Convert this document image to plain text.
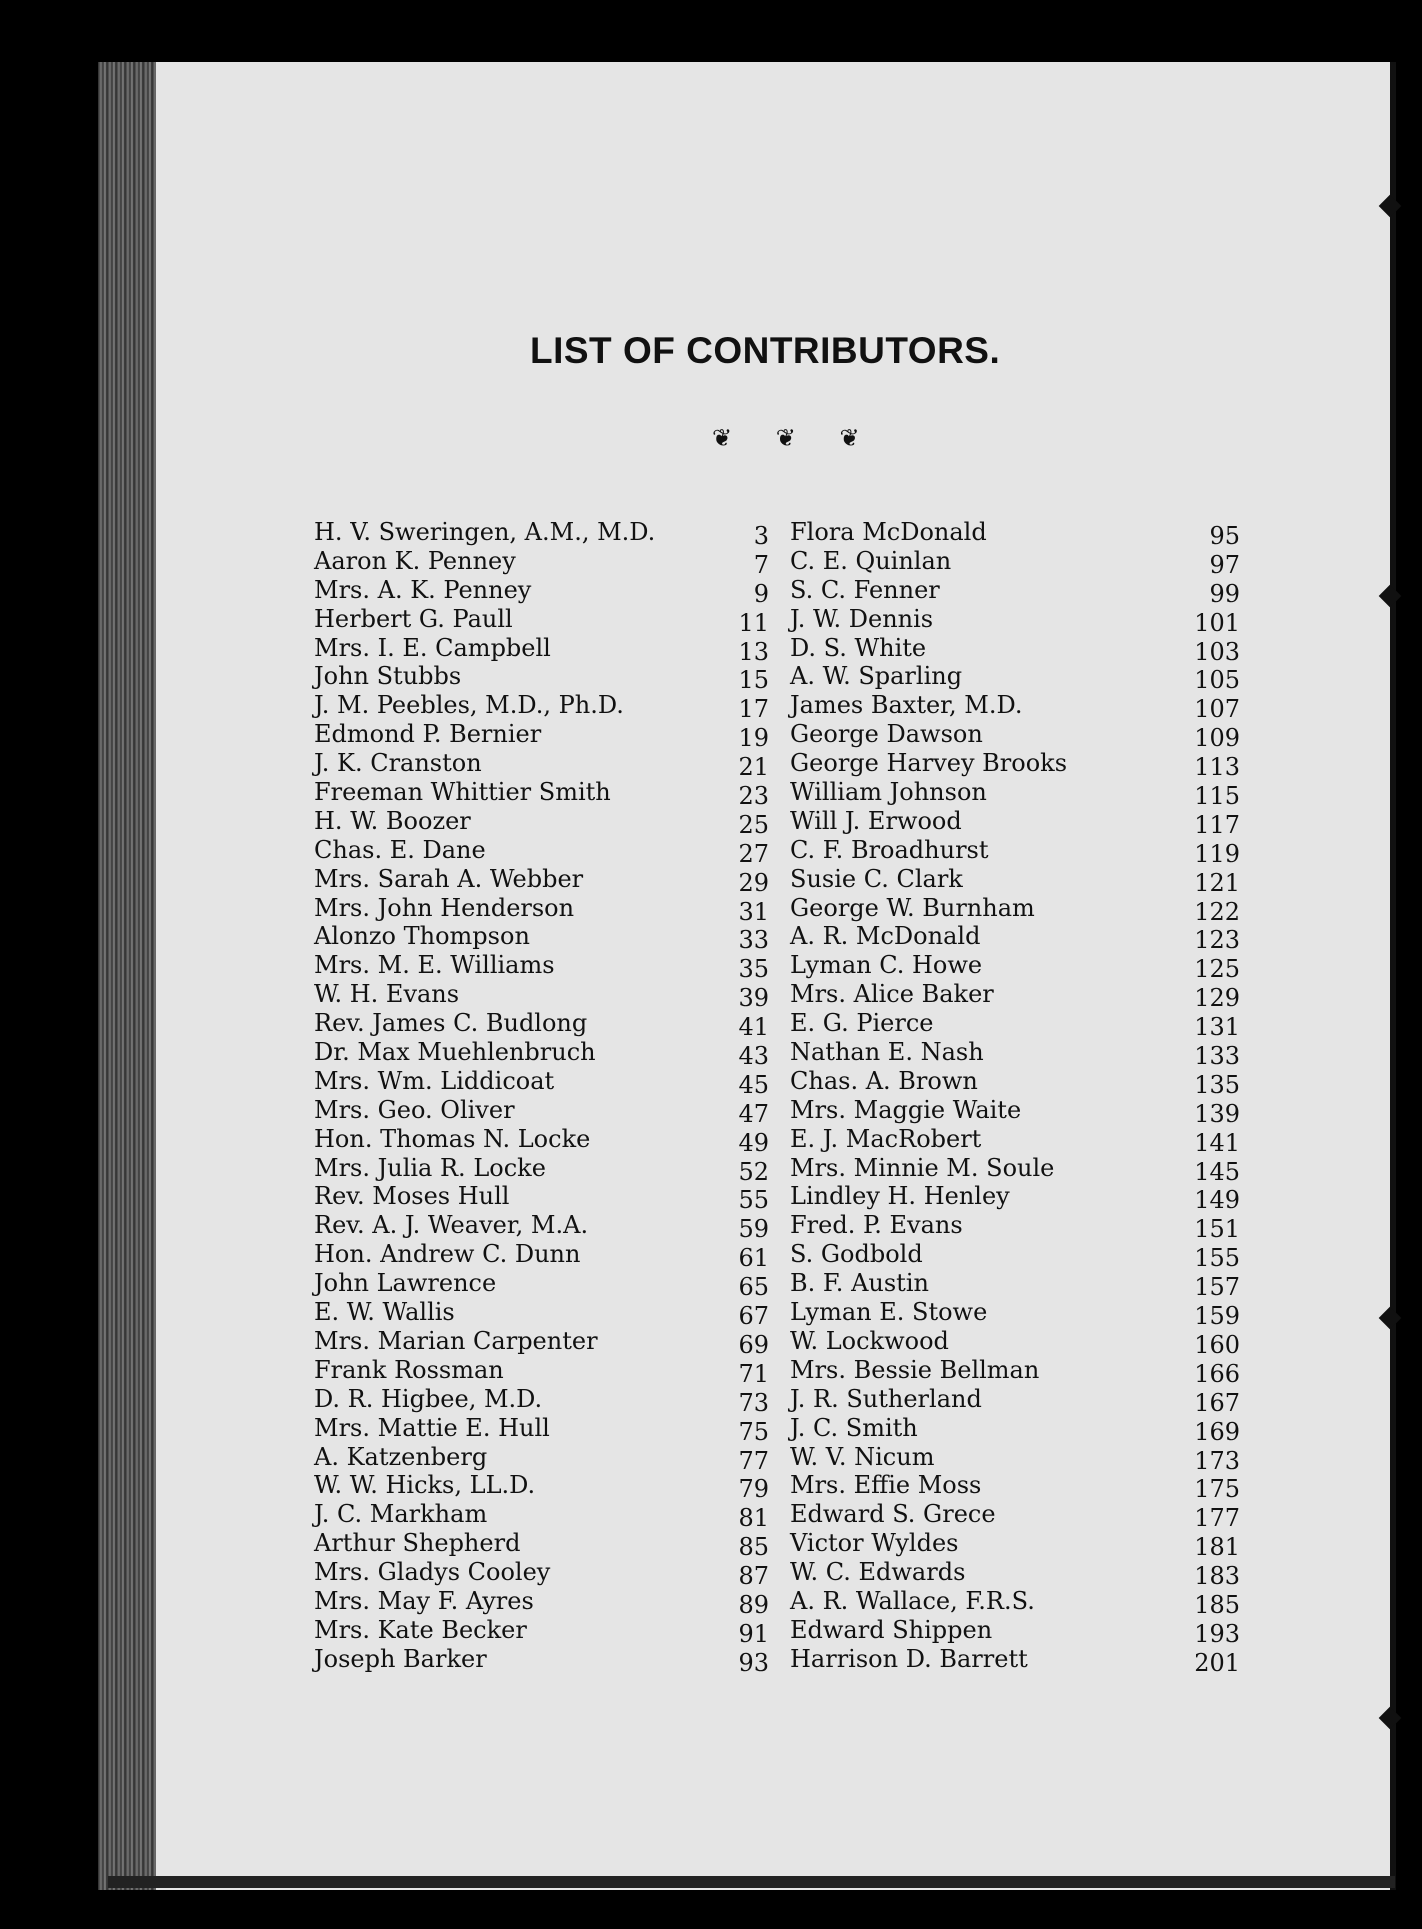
LIST OF CONTRIBUTORS.
❦ ❦ ❦
H. V. Sweringen, A.M., M.D.	3
Aaron K. Penney	7
Mrs. A. K. Penney	9
Herbert G. Paull	11
Mrs. I. E. Campbell	13
John Stubbs	15
J. M. Peebles, M.D., Ph.D.	17
Edmond P. Bernier	19
J. K. Cranston	21
Freeman Whittier Smith	23
H. W. Boozer	25
Chas. E. Dane	27
Mrs. Sarah A. Webber	29
Mrs. John Henderson	31
Alonzo Thompson	33
Mrs. M. E. Williams	35
W. H. Evans	39
Rev. James C. Budlong	41
Dr. Max Muehlenbruch	43
Mrs. Wm. Liddicoat	45
Mrs. Geo. Oliver	47
Hon. Thomas N. Locke	49
Mrs. Julia R. Locke	52
Rev. Moses Hull	55
Rev. A. J. Weaver, M.A.	59
Hon. Andrew C. Dunn	61
John Lawrence	65
E. W. Wallis	67
Mrs. Marian Carpenter	69
Frank Rossman	71
D. R. Higbee, M.D.	73
Mrs. Mattie E. Hull	75
A. Katzenberg	77
W. W. Hicks, LL.D.	79
J. C. Markham	81
Arthur Shepherd	85
Mrs. Gladys Cooley	87
Mrs. May F. Ayres	89
Mrs. Kate Becker	91
Joseph Barker	93
Flora McDonald	95
C. E. Quinlan	97
S. C. Fenner	99
J. W. Dennis	101
D. S. White	103
A. W. Sparling	105
James Baxter, M.D.	107
George Dawson	109
George Harvey Brooks	113
William Johnson	115
Will J. Erwood	117
C. F. Broadhurst	119
Susie C. Clark	121
George W. Burnham	122
A. R. McDonald	123
Lyman C. Howe	125
Mrs. Alice Baker	129
E. G. Pierce	131
Nathan E. Nash	133
Chas. A. Brown	135
Mrs. Maggie Waite	139
E. J. MacRobert	141
Mrs. Minnie M. Soule	145
Lindley H. Henley	149
Fred. P. Evans	151
S. Godbold	155
B. F. Austin	157
Lyman E. Stowe	159
W. Lockwood	160
Mrs. Bessie Bellman	166
J. R. Sutherland	167
J. C. Smith	169
W. V. Nicum	173
Mrs. Effie Moss	175
Edward S. Grece	177
Victor Wyldes	181
W. C. Edwards	183
A. R. Wallace, F.R.S.	185
Edward Shippen	193
Harrison D. Barrett	201
